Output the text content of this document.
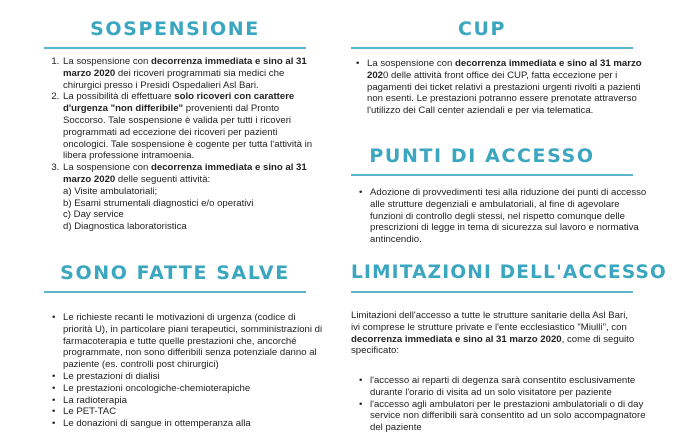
SOSPENSIONE
1. La sospensione con decorrenza immediata e sino al 31 marzo 2020 dei ricoveri programmati sia medici che chirurgici presso i Presidi Ospedalieri Asl Bari.
2. La possibilità di effettuare solo ricoveri con carattere d'urgenza "non differibile" provenienti dal Pronto Soccorso. Tale sospensione è valida per tutti i ricoveri programmati ad eccezione dei ricoveri per pazienti oncologici. Tale sospensione è cogente per tutta l'attività in libera professione intramoenia.
3. La sospensione con decorrenza immediata e sino al 31 marzo 2020 delle seguenti attività:
a) Visite ambulatoriali;
b) Esami strumentali diagnostici e/o operativi
c) Day service
d) Diagnostica laboratoristica
SONO FATTE SALVE
• Le richieste recanti le motivazioni di urgenza (codice di priorità U), in particolare piani terapeutici, somministrazioni di farmacoterapia e tutte quelle prestazioni che, ancorché programmate, non sono differibili senza potenziale danno al paziente (es. controlli post chirurgici)
• Le prestazioni di dialisi
• Le prestazioni oncologiche-chemioterapiche
• La radioterapia
• Le PET-TAC
• Le donazioni di sangue in ottemperanza alla
CUP
• La sospensione con decorrenza immediata e sino al 31 marzo 2020 delle attività front office dei CUP, fatta eccezione per i pagamenti dei ticket relativi a prestazioni urgenti rivolti a pazienti non esenti. Le prestazioni potranno essere prenotate attraverso l'utilizzo dei Call center aziendali e per via telematica.
PUNTI DI ACCESSO
• Adozione di provvedimenti tesi alla riduzione dei punti di accesso alle strutture degenziali e ambulatoriali, al fine di agevolare funzioni di controllo degli stessi, nel rispetto comunque delle prescrizioni di legge in tema di sicurezza sul lavoro e normativa antincendio.
LIMITAZIONI DELL'ACCESSO

Limitazioni dell'accesso a tutte le strutture sanitarie della Asl Bari, ivi comprese le strutture private e l'ente ecclesiastico "Miulli", con decorrenza immediata e sino al 31 marzo 2020, come di seguito specificato:

• l'accesso ai reparti di degenza sarà consentito esclusivamente durante l'orario di visita ad un solo visitatore per paziente
• l'accesso agli ambulatori per le prestazioni ambulatoriali o di day service non differibili sarà consentito ad un solo accompagnatore del paziente
